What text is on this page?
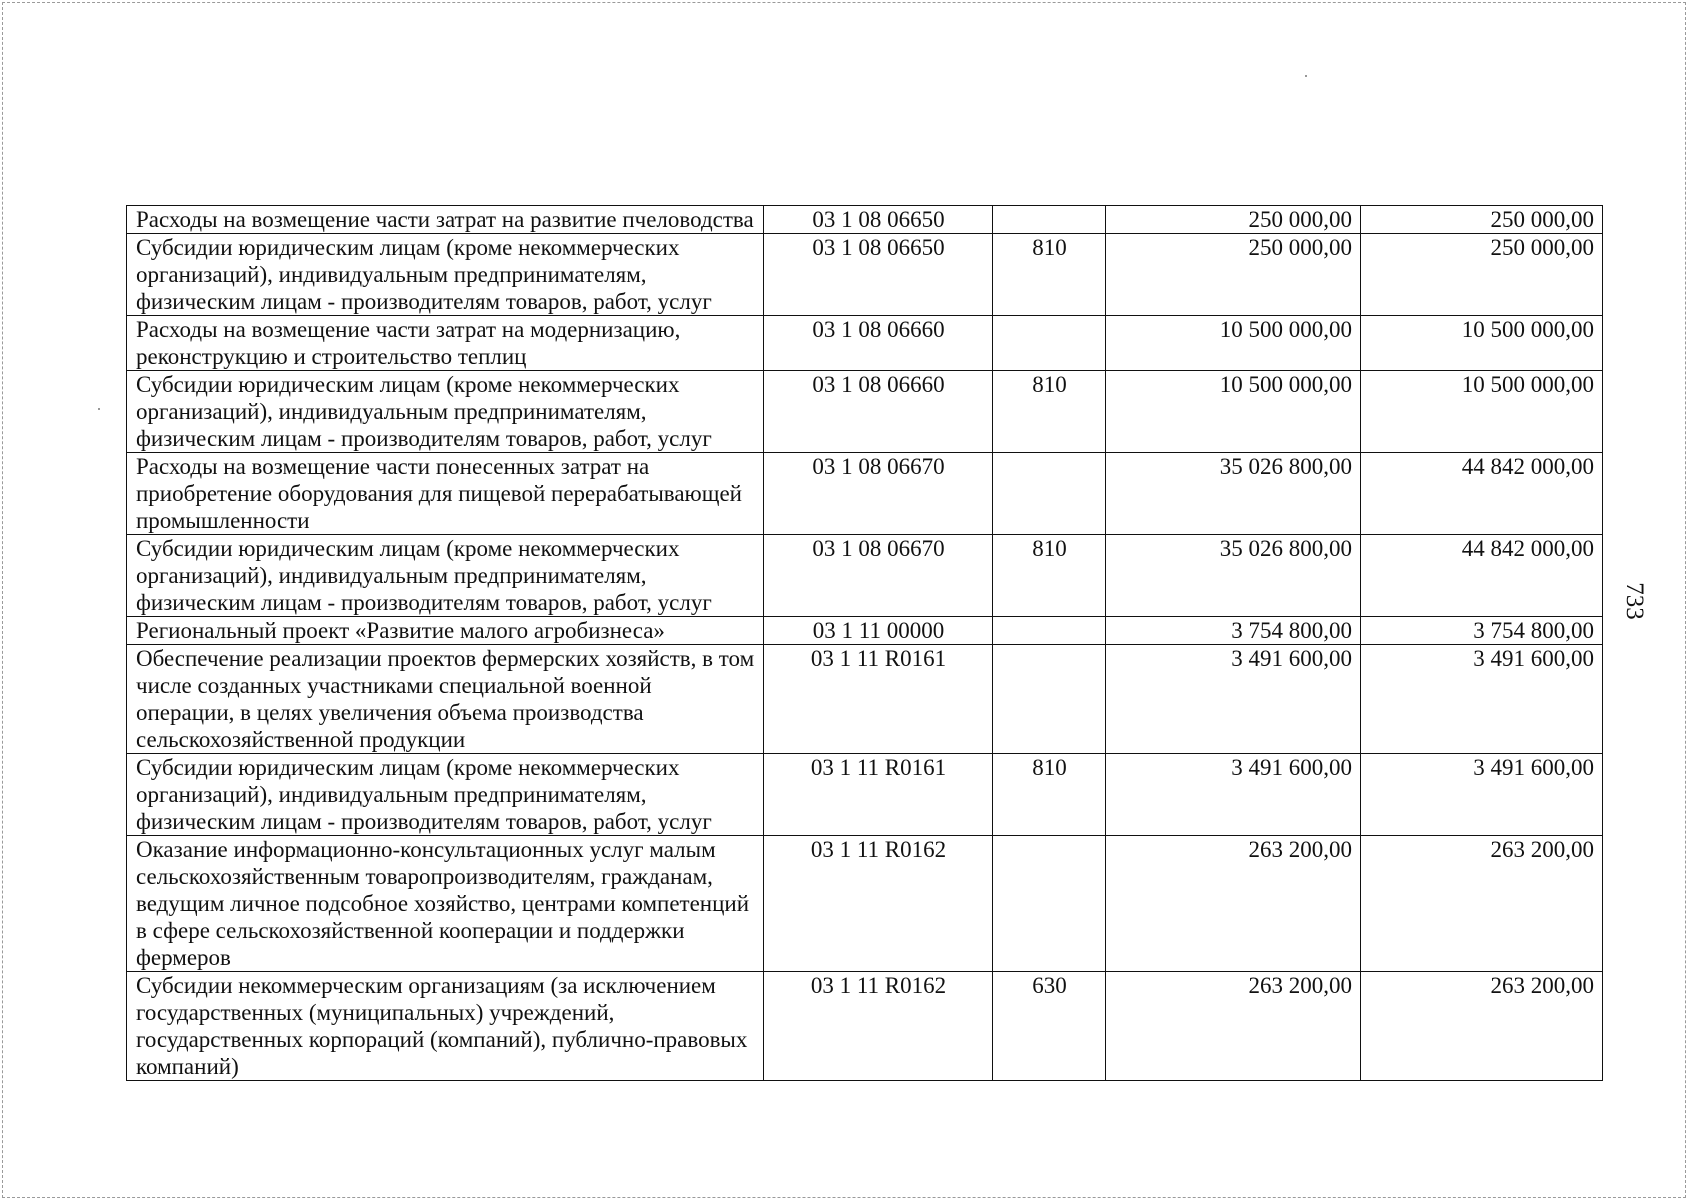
Расходы на возмещение части затрат на развитие пчеловодства	03 1 08 06650		250 000,00	250 000,00
Субсидии юридическим лицам (кроме некоммерческих организаций), индивидуальным предпринимателям, физическим лицам - производителям товаров, работ, услуг	03 1 08 06650	810	250 000,00	250 000,00
Расходы на возмещение части затрат на модернизацию, реконструкцию и строительство теплиц	03 1 08 06660		10 500 000,00	10 500 000,00
Субсидии юридическим лицам (кроме некоммерческих организаций), индивидуальным предпринимателям, физическим лицам - производителям товаров, работ, услуг	03 1 08 06660	810	10 500 000,00	10 500 000,00
Расходы на возмещение части понесенных затрат на приобретение оборудования для пищевой перерабатывающей промышленности	03 1 08 06670		35 026 800,00	44 842 000,00
Субсидии юридическим лицам (кроме некоммерческих организаций), индивидуальным предпринимателям, физическим лицам - производителям товаров, работ, услуг	03 1 08 06670	810	35 026 800,00	44 842 000,00
Региональный проект «Развитие малого агробизнеса»	03 1 11 00000		3 754 800,00	3 754 800,00
Обеспечение реализации проектов фермерских хозяйств, в том числе созданных участниками специальной военной операции, в целях увеличения объема производства сельскохозяйственной продукции	03 1 11 R0161		3 491 600,00	3 491 600,00
Субсидии юридическим лицам (кроме некоммерческих организаций), индивидуальным предпринимателям, физическим лицам - производителям товаров, работ, услуг	03 1 11 R0161	810	3 491 600,00	3 491 600,00
Оказание информационно-консультационных услуг малым сельскохозяйственным товаропроизводителям, гражданам, ведущим личное подсобное хозяйство, центрами компетенций в сфере сельскохозяйственной кооперации и поддержки фермеров	03 1 11 R0162		263 200,00	263 200,00
Субсидии некоммерческим организациям (за исключением государственных (муниципальных) учреждений, государственных корпораций (компаний), публично-правовых компаний)	03 1 11 R0162	630	263 200,00	263 200,00
733
